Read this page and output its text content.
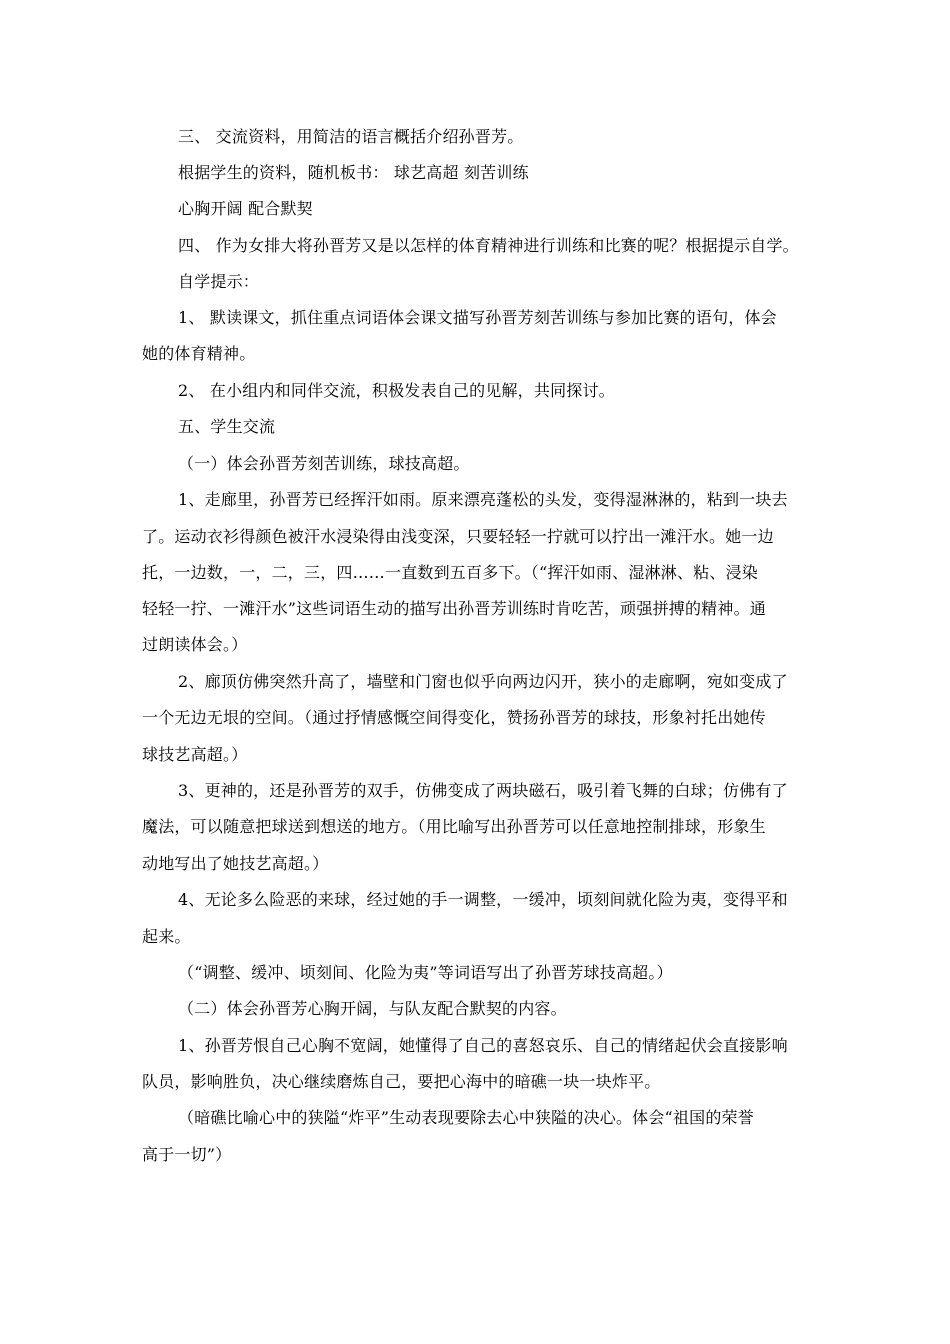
三、 交流资料，用简洁的语言概括介绍孙晋芳。
根据学生的资料，随机板书： 球艺高超 刻苦训练
心胸开阔 配合默契
四、 作为女排大将孙晋芳又是以怎样的体育精神进行训练和比赛的呢？根据提示自学。
自学提示：
1、 默读课文，抓住重点词语体会课文描写孙晋芳刻苦训练与参加比赛的语句，体会
她的体育精神。
2、 在小组内和同伴交流，积极发表自己的见解，共同探讨。
五、学生交流
（一）体会孙晋芳刻苦训练，球技高超。
1、走廊里，孙晋芳已经挥汗如雨。原来漂亮蓬松的头发，变得湿淋淋的，粘到一块去
了。运动衣衫得颜色被汗水浸染得由浅变深，只要轻轻一拧就可以拧出一滩汗水。她一边
托，一边数，一，二，三，四……一直数到五百多下。（“挥汗如雨、湿淋淋、粘、浸染
轻轻一拧、一滩汗水”这些词语生动的描写出孙晋芳训练时肯吃苦，顽强拼搏的精神。通
过朗读体会。）
2、廊顶仿佛突然升高了，墙壁和门窗也似乎向两边闪开，狭小的走廊啊，宛如变成了
一个无边无垠的空间。（通过抒情感慨空间得变化，赞扬孙晋芳的球技，形象衬托出她传
球技艺高超。）
3、更神的，还是孙晋芳的双手，仿佛变成了两块磁石，吸引着飞舞的白球；仿佛有了
魔法，可以随意把球送到想送的地方。（用比喻写出孙晋芳可以任意地控制排球，形象生
动地写出了她技艺高超。）
4、无论多么险恶的来球，经过她的手一调整，一缓冲，顷刻间就化险为夷，变得平和
起来。
（“调整、缓冲、顷刻间、化险为夷”等词语写出了孙晋芳球技高超。）
（二）体会孙晋芳心胸开阔，与队友配合默契的内容。
1、孙晋芳恨自己心胸不宽阔，她懂得了自己的喜怒哀乐、自己的情绪起伏会直接影响
队员，影响胜负，决心继续磨炼自己，要把心海中的暗礁一块一块炸平。
（暗礁比喻心中的狭隘“炸平”生动表现要除去心中狭隘的决心。体会“祖国的荣誉
高于一切”）
